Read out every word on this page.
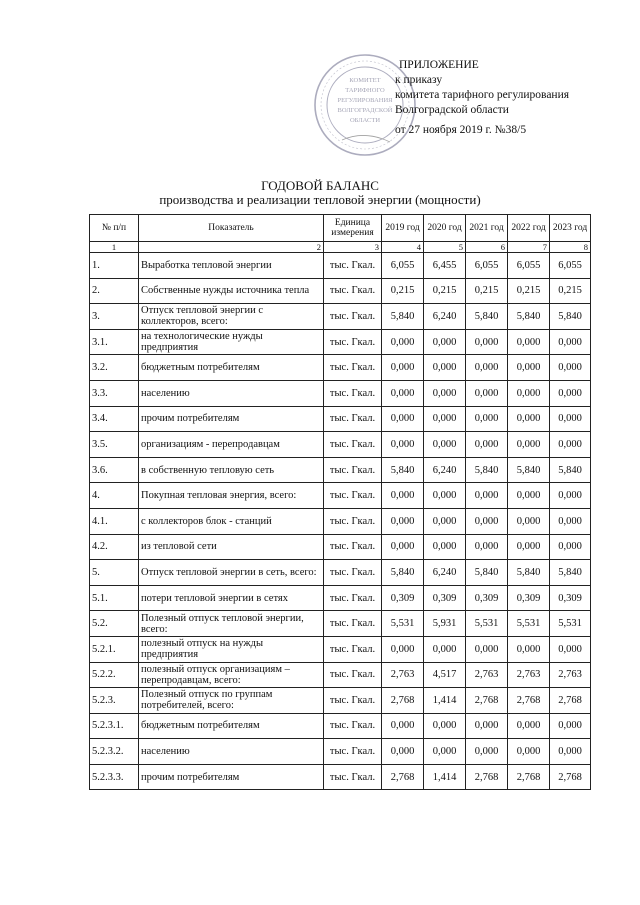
КОМИТЕТ
ТАРИФНОГО
РЕГУЛИРОВАНИЯ
ВОЛГОГРАДСКОЙ
ОБЛАСТИ
ПРИЛОЖЕНИЕ
к приказу
комитета тарифного регулирования
Волгоградской области
от 27 ноября 2019 г. №38/5
ГОДОВОЙ БАЛАНС
производства и реализации тепловой энергии (мощности)
№ п/п	Показатель	Единица измерения	2019 год	2020 год	2021 год	2022 год	2023 год
1	2	3	4	5	6	7	8
1.	Выработка тепловой энергии	тыс. Гкал.	6,055	6,455	6,055	6,055	6,055
2.	Собственные нужды источника тепла	тыс. Гкал.	0,215	0,215	0,215	0,215	0,215
3.	Отпуск тепловой энергии с коллекторов, всего:	тыс. Гкал.	5,840	6,240	5,840	5,840	5,840
3.1.	на технологические нужды предприятия	тыс. Гкал.	0,000	0,000	0,000	0,000	0,000
3.2.	бюджетным потребителям	тыс. Гкал.	0,000	0,000	0,000	0,000	0,000
3.3.	населению	тыс. Гкал.	0,000	0,000	0,000	0,000	0,000
3.4.	прочим потребителям	тыс. Гкал.	0,000	0,000	0,000	0,000	0,000
3.5.	организациям - перепродавцам	тыс. Гкал.	0,000	0,000	0,000	0,000	0,000
3.6.	в собственную тепловую сеть	тыс. Гкал.	5,840	6,240	5,840	5,840	5,840
4.	Покупная тепловая энергия, всего:	тыс. Гкал.	0,000	0,000	0,000	0,000	0,000
4.1.	с коллекторов блок - станций	тыс. Гкал.	0,000	0,000	0,000	0,000	0,000
4.2.	из тепловой сети	тыс. Гкал.	0,000	0,000	0,000	0,000	0,000
5.	Отпуск тепловой энергии в сеть, всего:	тыс. Гкал.	5,840	6,240	5,840	5,840	5,840
5.1.	потери тепловой энергии в сетях	тыс. Гкал.	0,309	0,309	0,309	0,309	0,309
5.2.	Полезный отпуск тепловой энергии, всего:	тыс. Гкал.	5,531	5,931	5,531	5,531	5,531
5.2.1.	полезный отпуск на нужды предприятия	тыс. Гкал.	0,000	0,000	0,000	0,000	0,000
5.2.2.	полезный отпуск организациям – перепродавцам, всего:	тыс. Гкал.	2,763	4,517	2,763	2,763	2,763
5.2.3.	Полезный отпуск по группам потребителей, всего:	тыс. Гкал.	2,768	1,414	2,768	2,768	2,768
5.2.3.1.	бюджетным потребителям	тыс. Гкал.	0,000	0,000	0,000	0,000	0,000
5.2.3.2.	населению	тыс. Гкал.	0,000	0,000	0,000	0,000	0,000
5.2.3.3.	прочим потребителям	тыс. Гкал.	2,768	1,414	2,768	2,768	2,768
